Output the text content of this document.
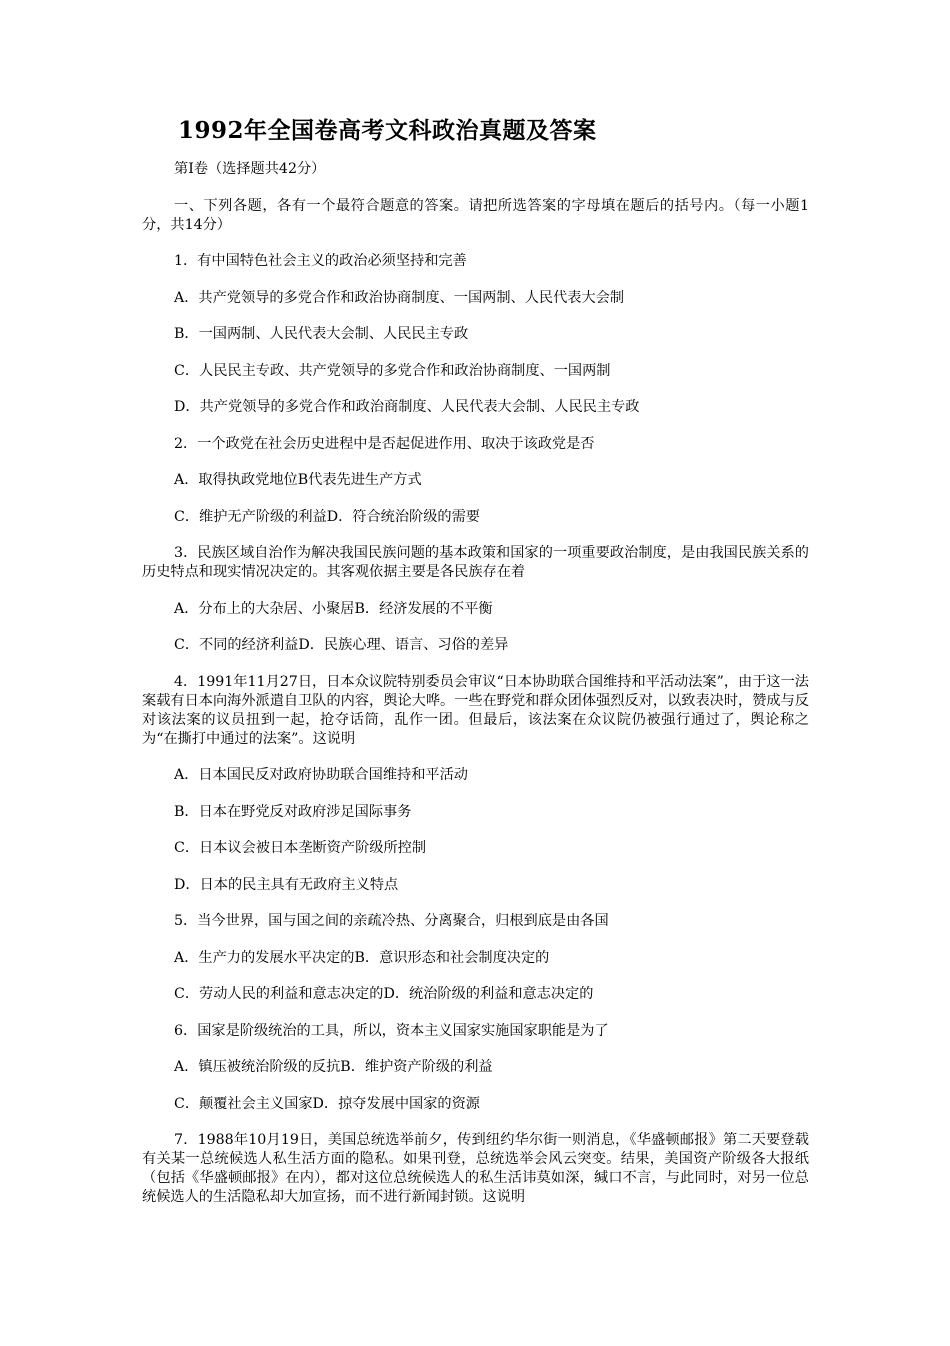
1992年全国卷高考文科政治真题及答案

第Ⅰ卷（选择题共42分）

一、下列各题，各有一个最符合题意的答案。请把所选答案的字母填在题后的括号内。（每一小题1分，共14分）

1．有中国特色社会主义的政治必须坚持和完善

A．共产党领导的多党合作和政治协商制度、一国两制、人民代表大会制

B．一国两制、人民代表大会制、人民民主专政

C．人民民主专政、共产党领导的多党合作和政治协商制度、一国两制

D．共产党领导的多党合作和政治商制度、人民代表大会制、人民民主专政

2．一个政党在社会历史进程中是否起促进作用、取决于该政党是否

A．取得执政党地位B代表先进生产方式

C．维护无产阶级的利益D．符合统治阶级的需要

3．民族区域自治作为解决我国民族问题的基本政策和国家的一项重要政治制度，是由我国民族关系的历史特点和现实情况决定的。其客观依据主要是各民族存在着

A．分布上的大杂居、小聚居B．经济发展的不平衡

C．不同的经济利益D．民族心理、语言、习俗的差异

4．1991年11月27日，日本众议院特别委员会审议“日本协助联合国维持和平活动法案”，由于这一法案载有日本向海外派遣自卫队的内容，舆论大哗。一些在野党和群众团体强烈反对，以致表决时，赞成与反对该法案的议员扭到一起，抢夺话筒，乱作一团。但最后，该法案在众议院仍被强行通过了，舆论称之为“在撕打中通过的法案”。这说明

A．日本国民反对政府协助联合国维持和平活动

B．日本在野党反对政府涉足国际事务

C．日本议会被日本垄断资产阶级所控制

D．日本的民主具有无政府主义特点

5．当今世界，国与国之间的亲疏冷热、分离聚合，归根到底是由各国

A．生产力的发展水平决定的B．意识形态和社会制度决定的

C．劳动人民的利益和意志决定的D．统治阶级的利益和意志决定的

6．国家是阶级统治的工具，所以，资本主义国家实施国家职能是为了

A．镇压被统治阶级的反抗B．维护资产阶级的利益

C．颠覆社会主义国家D．掠夺发展中国家的资源

7．1988年10月19日，美国总统选举前夕，传到纽约华尔街一则消息，《华盛顿邮报》第二天要登载有关某一总统候选人私生活方面的隐私。如果刊登，总统选举会风云突变。结果，美国资产阶级各大报纸（包括《华盛顿邮报》在内），都对这位总统候选人的私生活讳莫如深，缄口不言，与此同时，对另一位总统候选人的生活隐私却大加宣扬，而不进行新闻封锁。这说明
